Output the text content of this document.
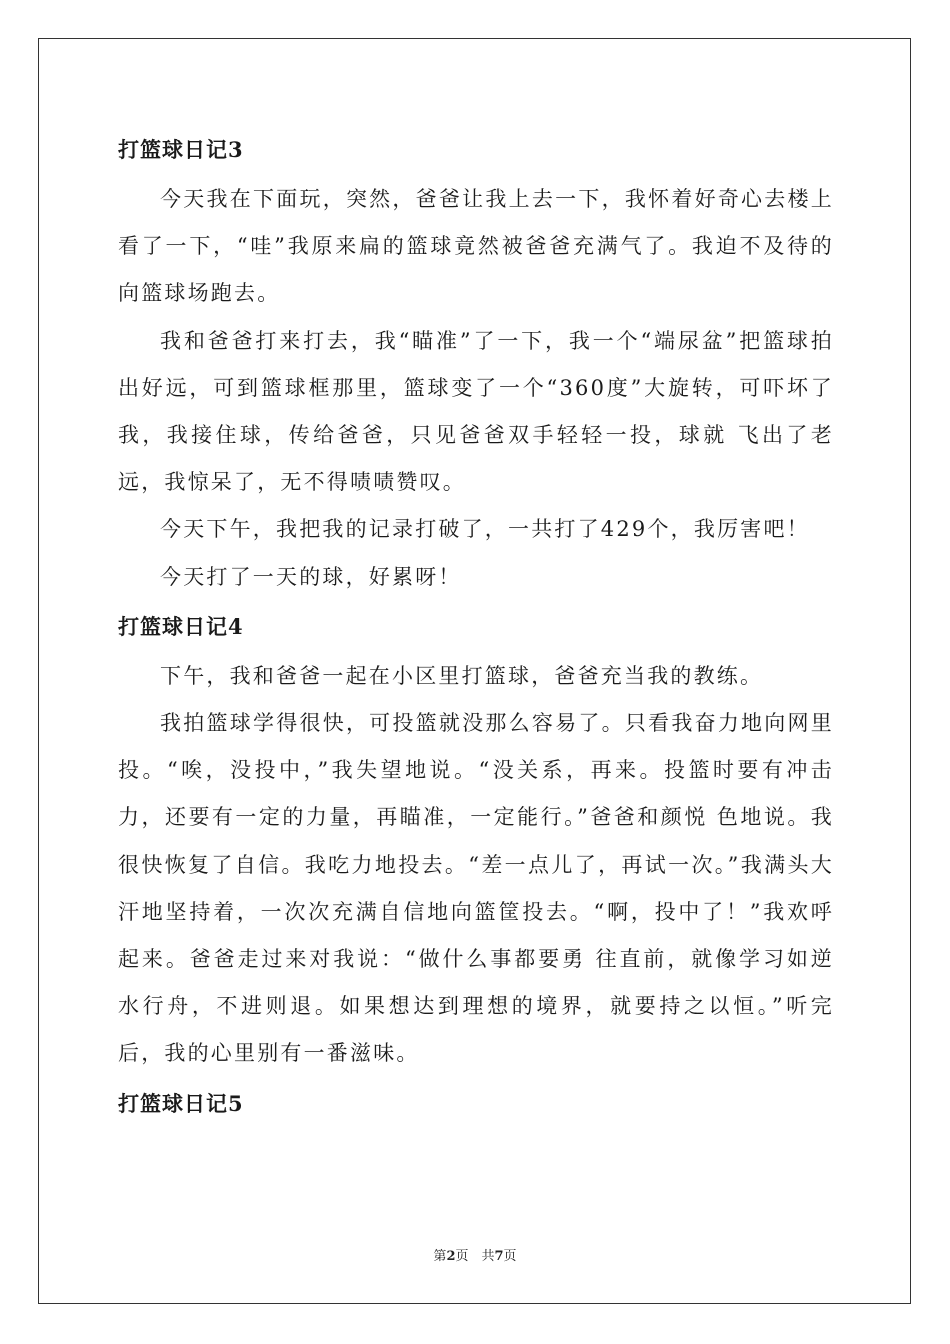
打篮球日记3

今天我在下面玩，突然，爸爸让我上去一下，我怀着好奇心去楼上看了一下，“哇”我原来扁的篮球竟然被爸爸充满气了。我迫不及待的向篮球场跑去。

我和爸爸打来打去，我“瞄准”了一下，我一个“端尿盆”把篮球拍出好远，可到篮球框那里，篮球变了一个“360度”大旋转，可吓坏了我，我接住球，传给爸爸，只见爸爸双手轻轻一投，球就 飞出了老远，我惊呆了，无不得啧啧赞叹。

今天下午，我把我的记录打破了，一共打了429个，我厉害吧！

今天打了一天的球，好累呀！

打篮球日记4

下午，我和爸爸一起在小区里打篮球，爸爸充当我的教练。

我拍篮球学得很快，可投篮就没那么容易了。只看我奋力地向网里投。“唉，没投中，”我失望地说。“没关系，再来。投篮时要有冲击力，还要有一定的力量，再瞄准，一定能行。”爸爸和颜悦 色地说。我很快恢复了自信。我吃力地投去。“差一点儿了，再试一次。”我满头大汗地坚持着，一次次充满自信地向篮筐投去。“啊，投中了！”我欢呼起来。爸爸走过来对我说：“做什么事都要勇 往直前，就像学习如逆水行舟，不进则退。如果想达到理想的境界，就要持之以恒。”听完后，我的心里别有一番滋味。

打篮球日记5
第2页　共7页
